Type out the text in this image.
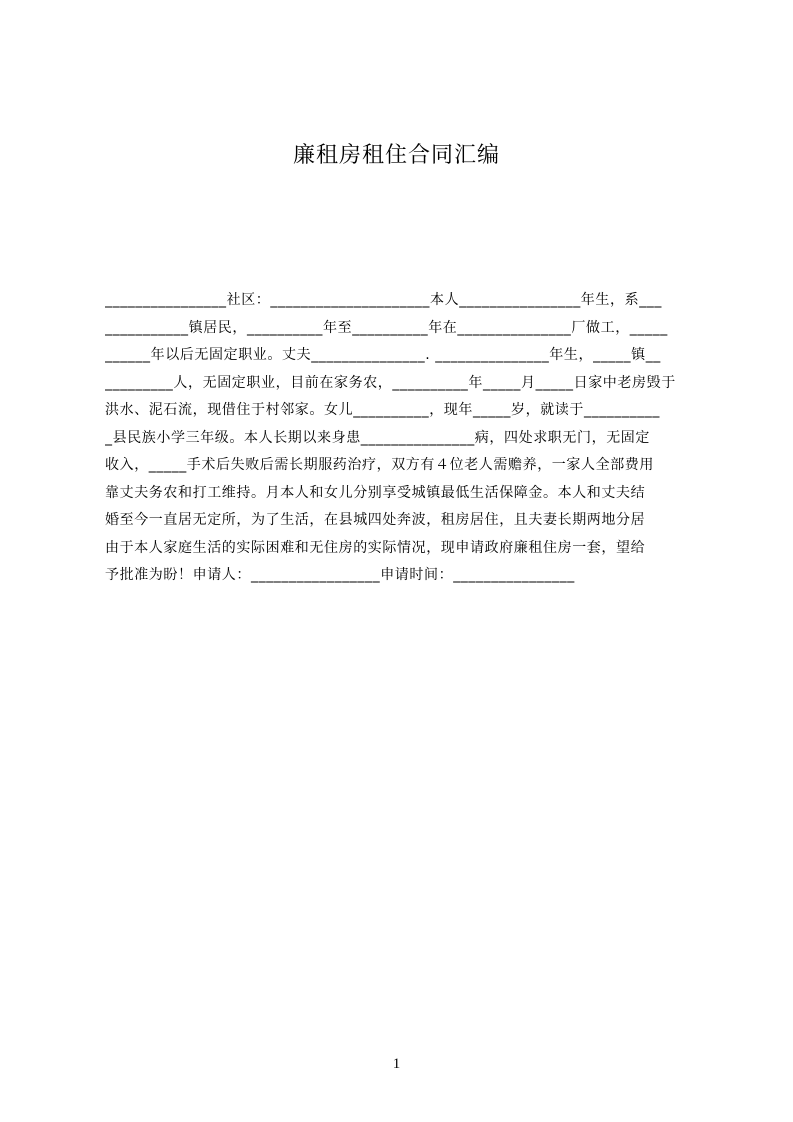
廉租房租住合同汇编
________________社区：_____________________本人________________年生，系___
___________镇居民，__________年至__________年在_______________厂做工，_____
______年以后无固定职业。丈夫_______________. _______________年生，_____镇__
_________人，无固定职业，目前在家务农，__________年_____月_____日家中老房毁于
洪水、泥石流，现借住于村邻家。女儿__________，现年_____岁，就读于__________
_县民族小学三年级。本人长期以来身患_______________病，四处求职无门，无固定
收入，_____手术后失败后需长期服药治疗，双方有４位老人需赡养，一家人全部费用
靠丈夫务农和打工维持。月本人和女儿分别享受城镇最低生活保障金。本人和丈夫结
婚至今一直居无定所，为了生活，在县城四处奔波，租房居住，且夫妻长期两地分居
由于本人家庭生活的实际困难和无住房的实际情况，现申请政府廉租住房一套，望给
予批准为盼！申请人：_________________申请时间：________________
1
